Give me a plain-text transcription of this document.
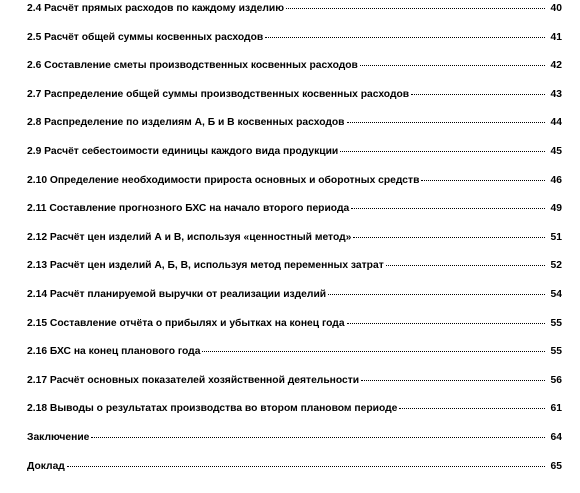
2.4 Расчёт прямых расходов по каждому изделию	40
2.5 Расчёт общей суммы косвенных расходов	41
2.6 Составление сметы производственных косвенных расходов	42
2.7 Распределение общей суммы производственных косвенных расходов	43
2.8 Распределение по изделиям А, Б и В косвенных расходов	44
2.9 Расчёт себестоимости единицы каждого вида продукции	45
2.10 Определение необходимости прироста основных и оборотных средств	46
2.11 Составление прогнозного БХС на начало второго периода	49
2.12 Расчёт цен изделий А и В, используя «ценностный метод»	51
2.13 Расчёт цен изделий А, Б, В, используя метод переменных затрат	52
2.14 Расчёт планируемой выручки от реализации изделий	54
2.15 Составление отчёта о прибылях и убытках на конец года	55
2.16 БХС на конец планового года	55
2.17 Расчёт основных показателей хозяйственной деятельности	56
2.18 Выводы о результатах производства во втором плановом периоде	61
Заключение	64
Доклад	65
